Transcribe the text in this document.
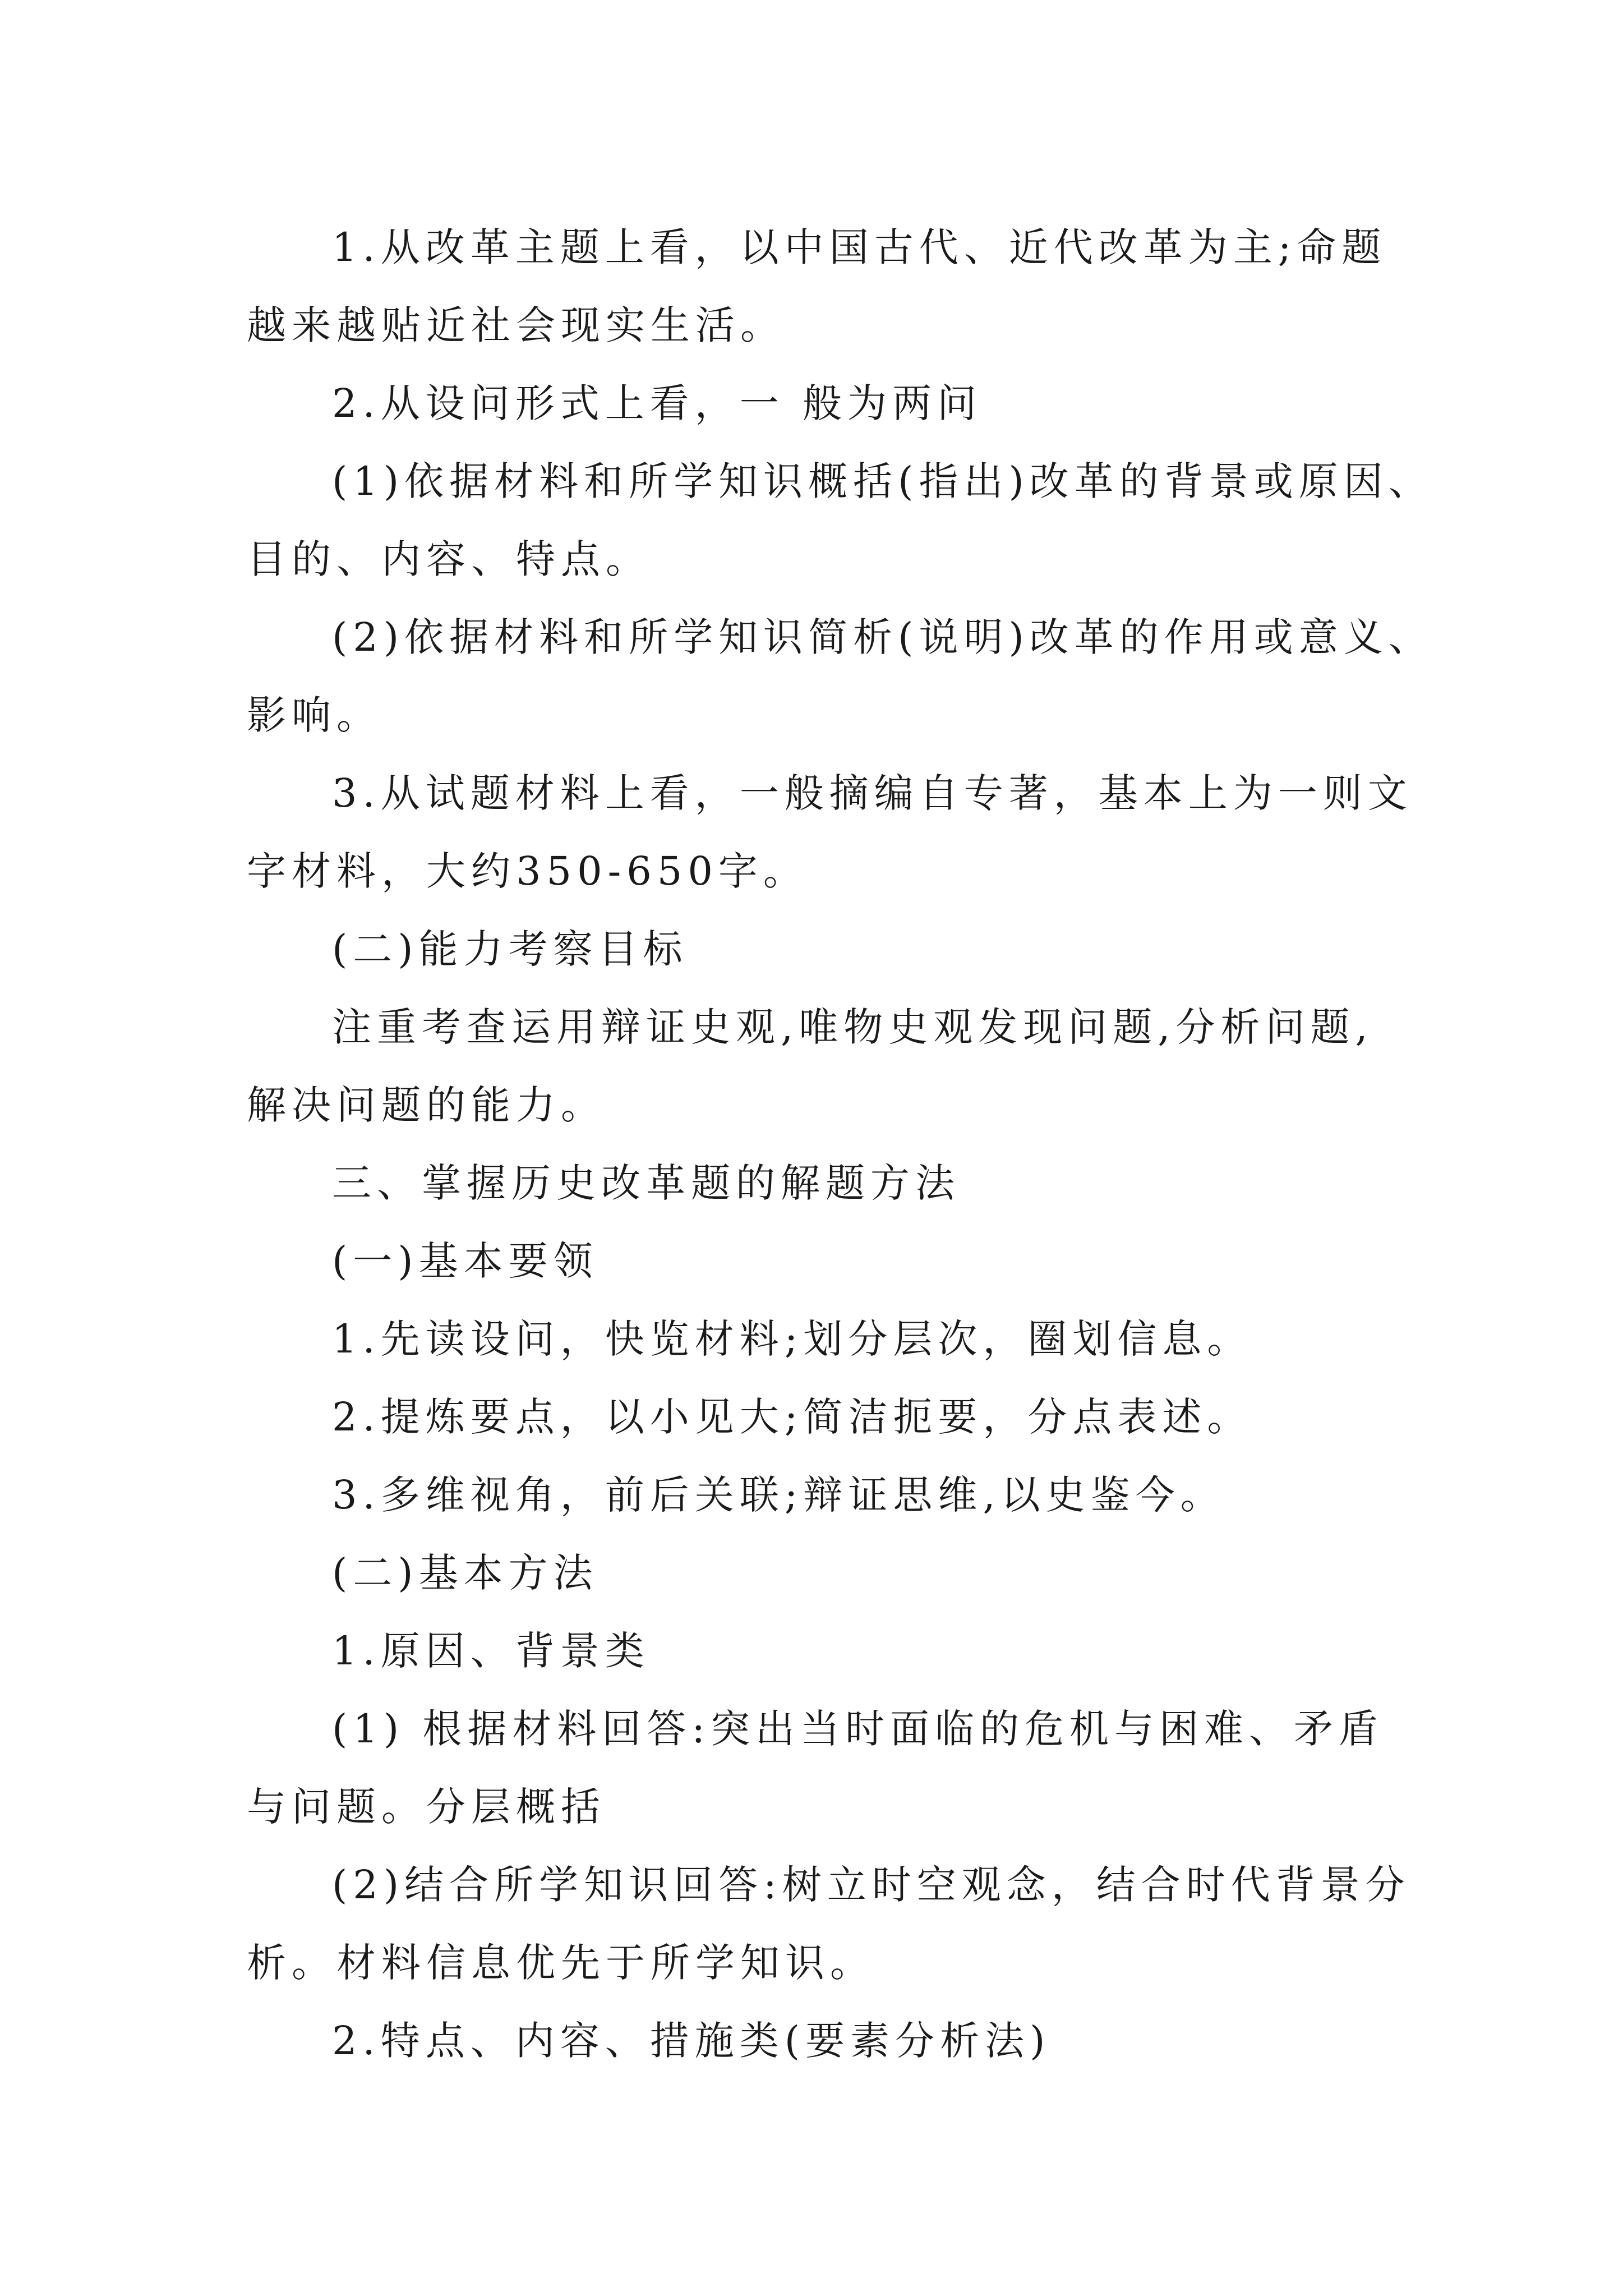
1.从改革主题上看，以中国古代、近代改革为主;命题

越来越贴近社会现实生活。

2.从设问形式上看，一 般为两问

(1)依据材料和所学知识概括(指出)改革的背景或原因、

目的、内容、特点。

(2)依据材料和所学知识简析(说明)改革的作用或意义、

影响。

3.从试题材料上看，一般摘编自专著，基本上为一则文

字材料，大约350-650字。

(二)能力考察目标

注重考查运用辩证史观,唯物史观发现问题,分析问题,

解决问题的能力。

三、掌握历史改革题的解题方法

(一)基本要领

1.先读设问，快览材料;划分层次，圈划信息。

2.提炼要点，以小见大;简洁扼要，分点表述。

3.多维视角，前后关联;辩证思维,以史鉴今。

(二)基本方法

1.原因、背景类

(1) 根据材料回答:突出当时面临的危机与困难、矛盾

与问题。分层概括

(2)结合所学知识回答:树立时空观念，结合时代背景分

析。材料信息优先于所学知识。

2.特点、内容、措施类(要素分析法)
